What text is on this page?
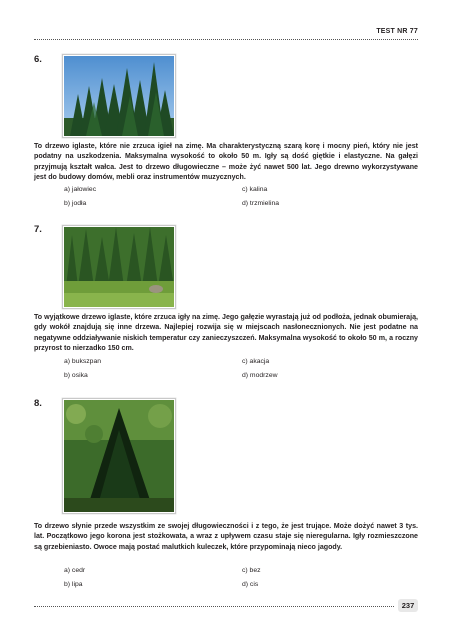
TEST NR 77
6.

To drzewo iglaste, które nie zrzuca igieł na zimę. Ma charakterystyczną szarą korę i mocny pień, który nie jest podatny na uszkodzenia. Maksymalna wysokość to około 50 m. Igły są dość giętkie i elastyczne. Na gałęzi przyjmują kształt wałca. Jest to drzewo długowieczne – może żyć nawet 500 lat. Jego drewno wykorzystywane jest do budowy domów, mebli oraz instrumentów muzycznych.

a) jałowiec	c) kalina
b) jodła	d) trzmielina
7.

To wyjątkowe drzewo iglaste, które zrzuca igły na zimę. Jego gałęzie wyrastają już od podłoża, jednak obumierają, gdy wokół znajdują się inne drzewa. Najlepiej rozwija się w miejscach nasłonecznionych. Nie jest podatne na negatywne oddziaływanie niskich temperatur czy zanieczyszczeń. Maksymalna wysokość to około 50 m, a roczny przyrost to nierzadko 150 cm.

a) bukszpan	c) akacja
b) osika	d) modrzew
8.

To drzewo słynie przede wszystkim ze swojej długowieczności i z tego, że jest trujące. Może dożyć nawet 3 tys. lat. Początkowo jego korona jest stożkowata, a wraz z upływem czasu staje się nieregularna. Igły rozmieszczone są grzebieniasto. Owoce mają postać malutkich kuleczek, które przypominają nieco jagody.

a) cedr	c) bez
b) lipa	d) cis
237
